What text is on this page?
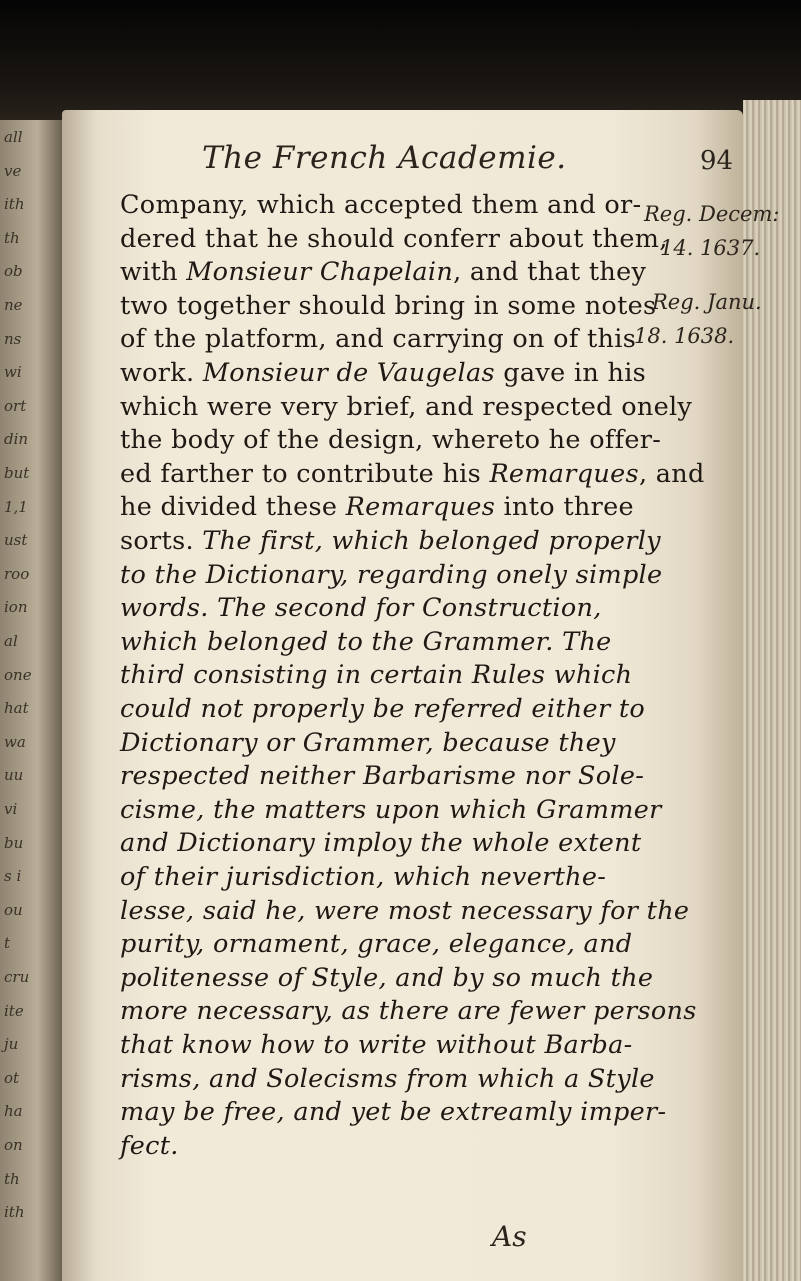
all
ve
ith
th
ob
ne
ns
wi
ort
din
but
1,1
ust
roo
ion
al
one
hat
wa
uu
vi
bu
s i
ou
t
cru
ite
ju
ot
ha
on
th
ith
The French Academie.	94
Company, which accepted them and or-
dered that he should conferr about them,
with Monsieur Chapelain, and that they
two together should bring in some notes
of the platform, and carrying on of this
work. Monsieur de Vaugelas gave in his
which were very brief, and respected onely
the body of the design, whereto he offer-
ed farther to contribute his Remarques, and
he divided these Remarques into three
sorts. The first, which belonged properly
to the Dictionary, regarding onely simple
words. The second for Construction,
which belonged to the Grammer. The
third consisting in certain Rules which
could not properly be referred either to
Dictionary or Grammer, because they
respected neither Barbarisme nor Sole-
cisme, the matters upon which Grammer
and Dictionary imploy the whole extent
of their jurisdiction, which neverthe-
lesse, said he, were most necessary for the
purity, ornament, grace, elegance, and
politenesse of Style, and by so much the
more necessary, as there are fewer persons
that know how to write without Barba-
risms, and Solecisms from which a Style
may be free, and yet be extreamly imper-
fect.
Reg. Decem:
14. 1637.
Reg. Janu.
18. 1638.
As
